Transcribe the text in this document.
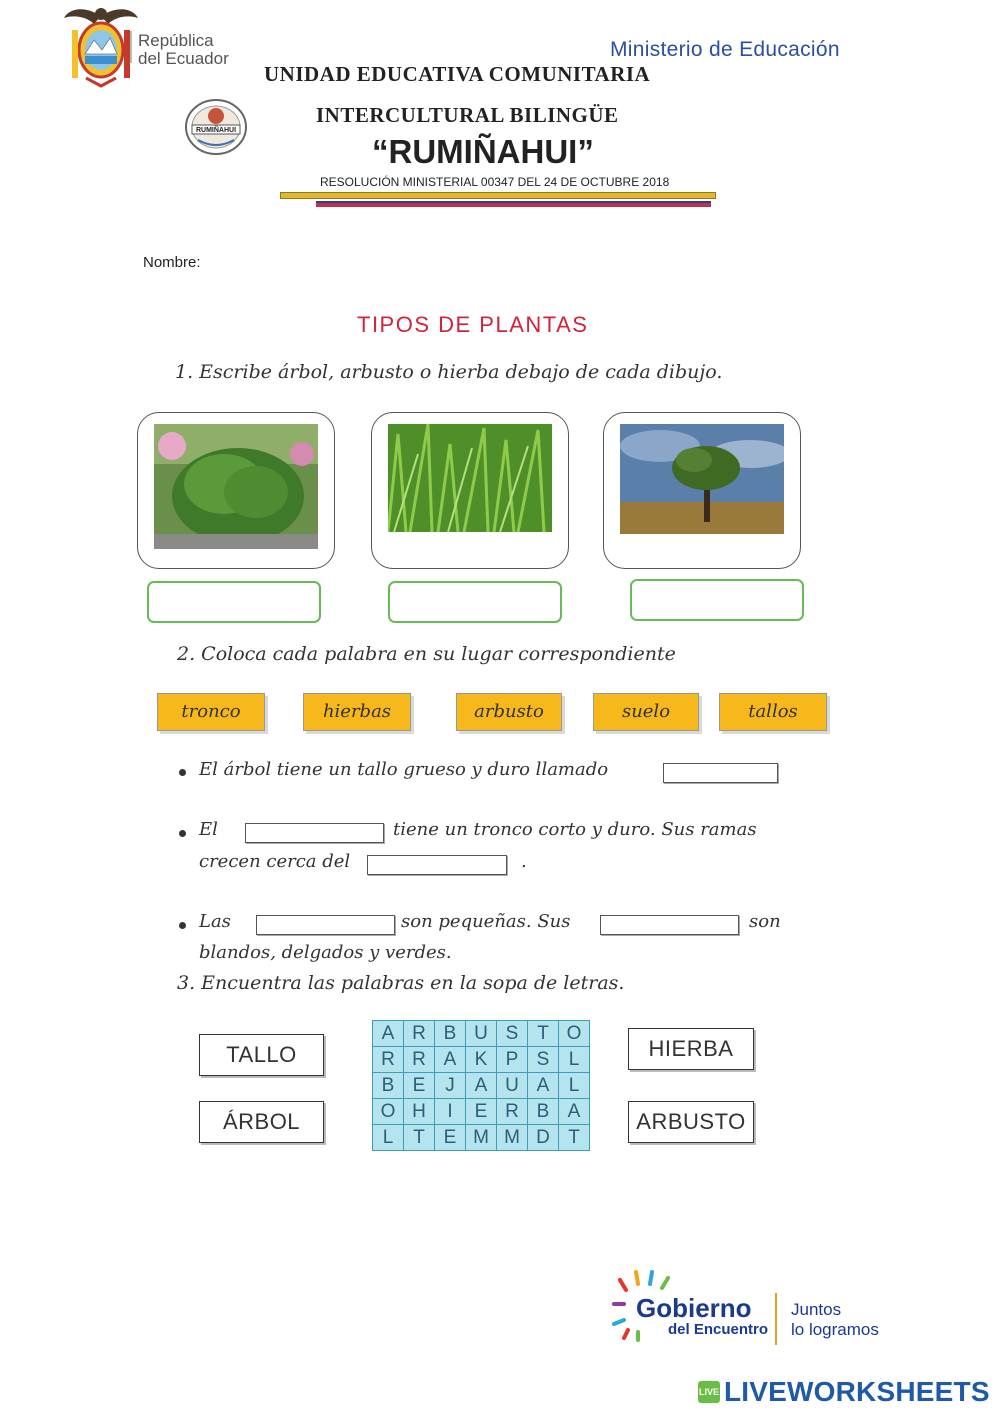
República
del Ecuador	Ministerio de Educación
RUMIÑAHUI
UNIDAD EDUCATIVA COMUNITARIA
INTERCULTURAL BILINGÜE
“RUMIÑAHUI”
RESOLUCIÓN MINISTERIAL 00347 DEL 24 DE OCTUBRE 2018
Nombre:
TIPOS DE PLANTAS
1. Escribe árbol, arbusto o hierba debajo de cada dibujo.
2. Coloca cada palabra en su lugar correspondiente
tronco	hierbas	arbusto	suelo	tallos
El árbol tiene un tallo grueso y duro llamado
El	tiene un tronco corto y duro. Sus ramas
crecen cerca del	.
Las	son pequeñas. Sus	son
blandos, delgados y verdes.
3. Encuentra las palabras en la sopa de letras.
TALLO
ÁRBOL
HIERBA
ARBUSTO
A	R	B	U	S	T	O
R	R	A	K	P	S	L
B	E	J	A	U	A	L
O	H	I	E	R	B	A
L	T	E	M	M	D	T
Gobierno
del Encuentro
Juntos
lo logramos
LIVE LIVEWORKSHEETS
